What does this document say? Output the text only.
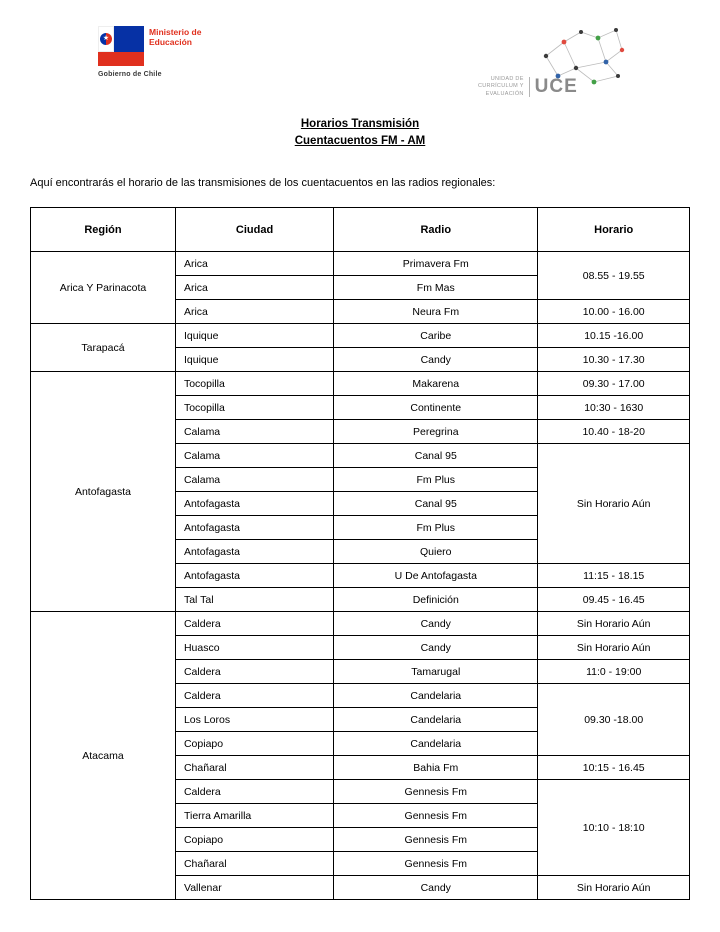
★
Ministerio de
Educación
Gobierno de Chile
UNIDAD DE
CURRÍCULUM Y
EVALUACIÓN UCE
Horarios Transmisión
Cuentacuentos FM - AM

Aquí encontrarás el horario de las transmisiones de los cuentacuentos en las radios regionales:

Región	Ciudad	Radio	Horario
Arica Y Parinacota	Arica	Primavera Fm	08.55 - 19.55
	Arica	Fm Mas	
	Arica	Neura Fm	10.00 - 16.00
Tarapacá	Iquique	Caribe	10.15 -16.00
	Iquique	Candy	10.30 - 17.30
Antofagasta	Tocopilla	Makarena	09.30 - 17.00
	Tocopilla	Continente	10:30 - 1630
	Calama	Peregrina	10.40 - 18-20
	Calama	Canal 95	Sin Horario Aún
	Calama	Fm Plus	
	Antofagasta	Canal 95	
	Antofagasta	Fm Plus	
	Antofagasta	Quiero	
	Antofagasta	U De Antofagasta	11:15 - 18.15
	Tal Tal	Definición	09.45 - 16.45
Atacama	Caldera	Candy	Sin Horario Aún
	Huasco	Candy	Sin Horario Aún
	Caldera	Tamarugal	11:0 - 19:00
	Caldera	Candelaria	09.30 -18.00
	Los Loros	Candelaria	
	Copiapo	Candelaria	
	Chañaral	Bahia Fm	10:15 - 16.45
	Caldera	Gennesis Fm	10:10 - 18:10
	Tierra Amarilla	Gennesis Fm	
	Copiapo	Gennesis Fm	
	Chañaral	Gennesis Fm	
	Vallenar	Candy	Sin Horario Aún
